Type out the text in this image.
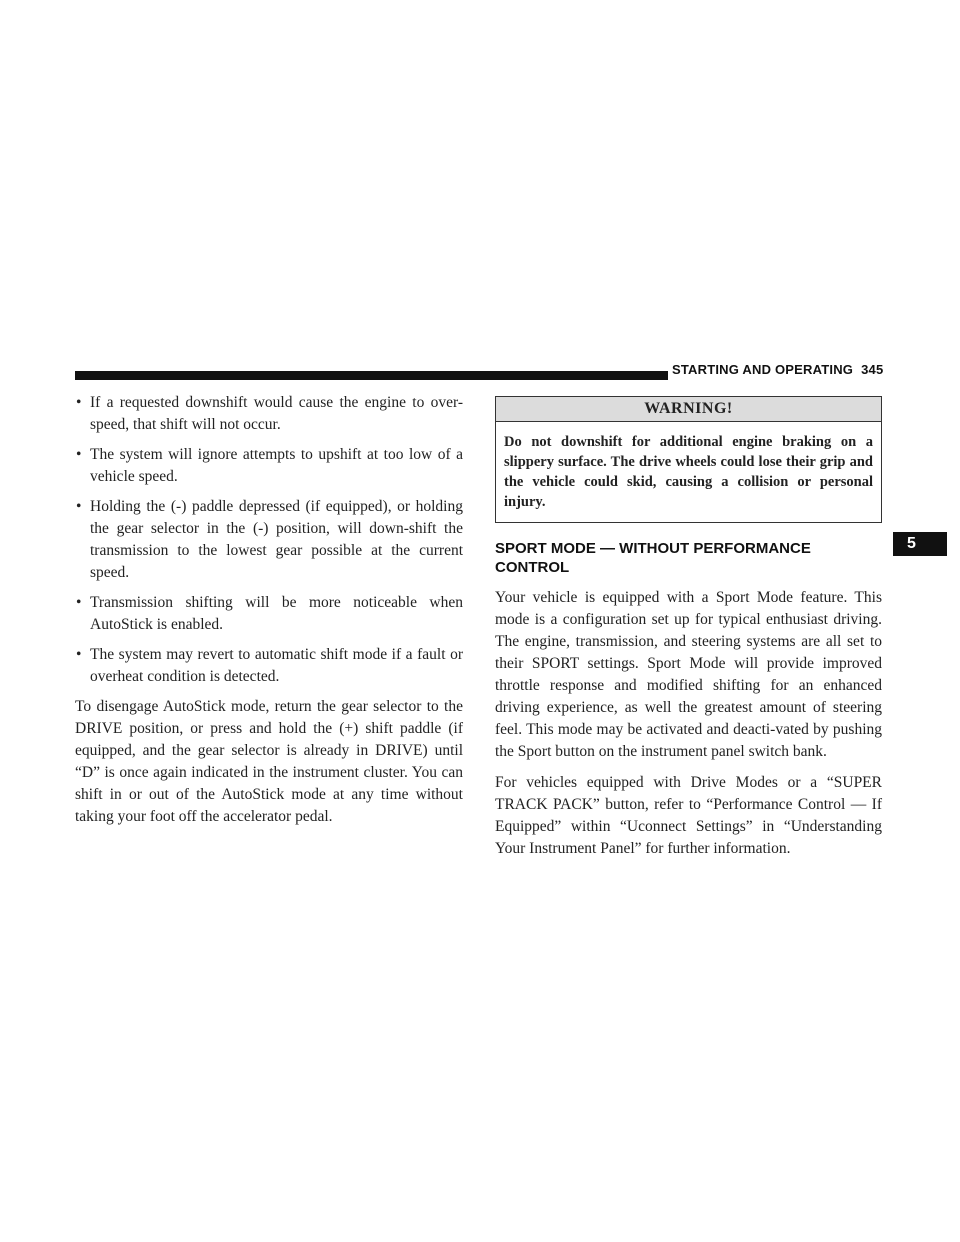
STARTING AND OPERATING 345
5
• If a requested downshift would cause the engine to over-speed, that shift will not occur.
• The system will ignore attempts to upshift at too low of a vehicle speed.
• Holding the (-) paddle depressed (if equipped), or holding the gear selector in the (-) position, will down-shift the transmission to the lowest gear possible at the current speed.
• Transmission shifting will be more noticeable when AutoStick is enabled.
• The system may revert to automatic shift mode if a fault or overheat condition is detected.

To disengage AutoStick mode, return the gear selector to the DRIVE position, or press and hold the (+) shift paddle (if equipped, and the gear selector is already in DRIVE) until “D” is once again indicated in the instrument cluster. You can shift in or out of the AutoStick mode at any time without taking your foot off the accelerator pedal.

WARNING!
Do not downshift for additional engine braking on a slippery surface. The drive wheels could lose their grip and the vehicle could skid, causing a collision or personal injury.
SPORT MODE — WITHOUT PERFORMANCE
CONTROL

Your vehicle is equipped with a Sport Mode feature. This mode is a configuration set up for typical enthusiast driving. The engine, transmission, and steering systems are all set to their SPORT settings. Sport Mode will provide improved throttle response and modified shifting for an enhanced driving experience, as well the greatest amount of steering feel. This mode may be activated and deacti-vated by pushing the Sport button on the instrument panel switch bank.

For vehicles equipped with Drive Modes or a “SUPER TRACK PACK” button, refer to “Performance Control — If Equipped” within “Uconnect Settings” in “Understanding Your Instrument Panel” for further information.
